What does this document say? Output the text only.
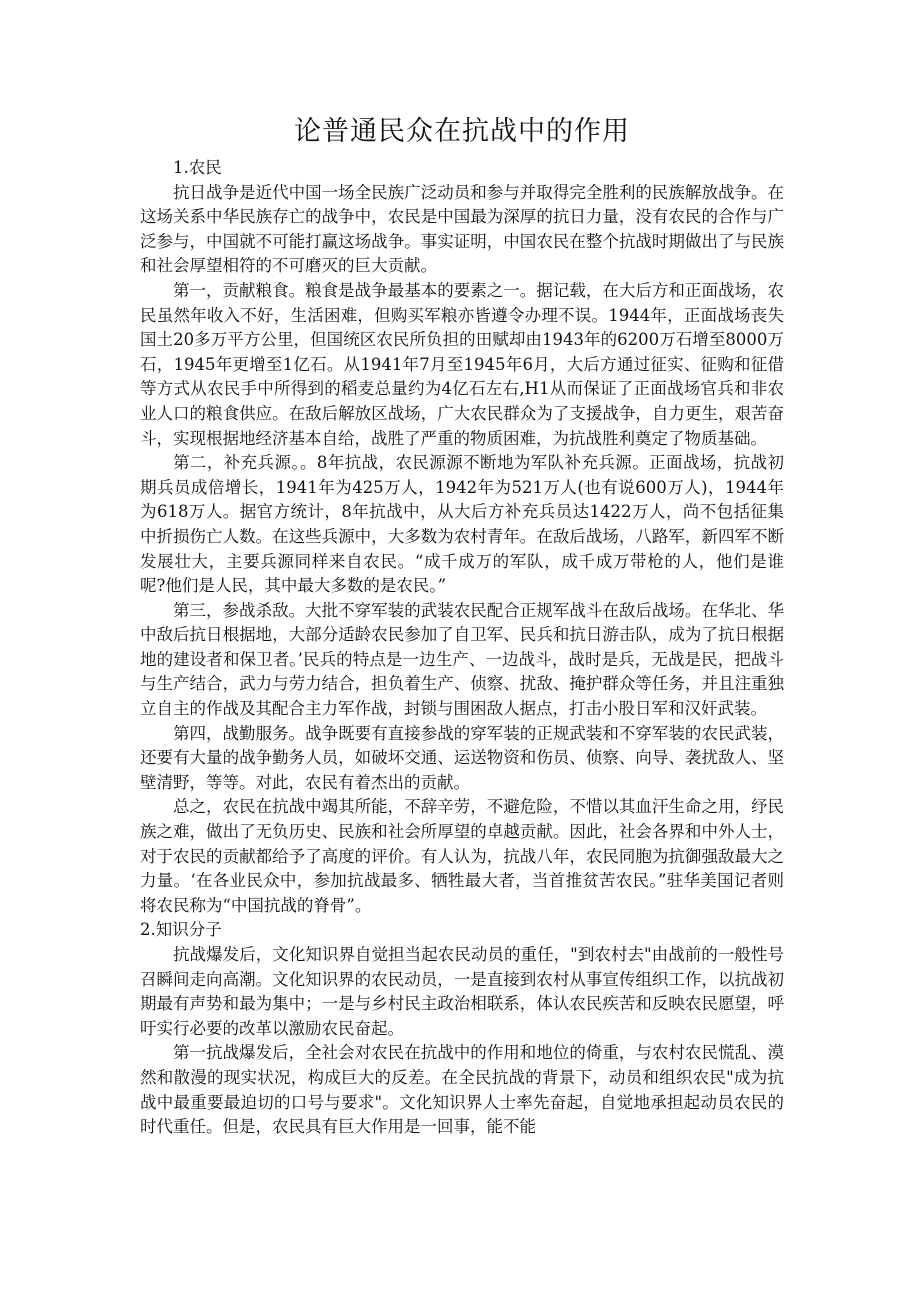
论普通民众在抗战中的作用

1.农民

抗日战争是近代中国一场全民族广泛动员和参与并取得完全胜利的民族解放战争。在这场关系中华民族存亡的战争中，农民是中国最为深厚的抗日力量，没有农民的合作与广泛参与，中国就不可能打赢这场战争。事实证明，中国农民在整个抗战时期做出了与民族和社会厚望相符的不可磨灭的巨大贡献。

第一，贡献粮食。粮食是战争最基本的要素之一。据记载，在大后方和正面战场，农民虽然年收入不好，生活困难，但购买军粮亦皆遵令办理不误。1944年，正面战场丧失国土20多万平方公里，但国统区农民所负担的田赋却由1943年的6200万石增至8000万石，1945年更增至1亿石。从1941年7月至1945年6月，大后方通过征实、征购和征借等方式从农民手中所得到的稻麦总量约为4亿石左右,H1从而保证了正面战场官兵和非农业人口的粮食供应。在敌后解放区战场，广大农民群众为了支援战争，自力更生，艰苦奋斗，实现根据地经济基本自给，战胜了严重的物质困难，为抗战胜利奠定了物质基础。

第二，补充兵源。。8年抗战，农民源源不断地为军队补充兵源。正面战场，抗战初期兵员成倍增长，1941年为425万人，1942年为521万人(也有说600万人)，1944年为618万人。据官方统计，8年抗战中，从大后方补充兵员达1422万人，尚不包括征集中折损伤亡人数。在这些兵源中，大多数为农村青年。在敌后战场，八路军，新四军不断发展壮大，主要兵源同样来自农民。“成千成万的军队，成千成万带枪的人，他们是谁呢?他们是人民，其中最大多数的是农民。”

第三，参战杀敌。大批不穿军装的武装农民配合正规军战斗在敌后战场。在华北、华中敌后抗日根据地，大部分适龄农民参加了自卫军、民兵和抗日游击队，成为了抗日根据地的建设者和保卫者。’民兵的特点是一边生产、一边战斗，战时是兵，无战是民，把战斗与生产结合，武力与劳力结合，担负着生产、侦察、扰敌、掩护群众等任务，并且注重独立自主的作战及其配合主力军作战，封锁与围困敌人据点，打击小股日军和汉奸武装。

第四，战勤服务。战争既要有直接参战的穿军装的正规武装和不穿军装的农民武装，还要有大量的战争勤务人员，如破坏交通、运送物资和伤员、侦察、向导、袭扰敌人、坚壁清野，等等。对此，农民有着杰出的贡献。

总之，农民在抗战中竭其所能，不辞辛劳，不避危险，不惜以其血汗生命之用，纾民族之难，做出了无负历史、民族和社会所厚望的卓越贡献。因此，社会各界和中外人士，对于农民的贡献都给予了高度的评价。有人认为，抗战八年，农民同胞为抗御强敌最大之力量。‘在各业民众中，参加抗战最多、牺牲最大者，当首推贫苦农民。”驻华美国记者则将农民称为“中国抗战的脊骨”。

2.知识分子

抗战爆发后，文化知识界自觉担当起农民动员的重任，"到农村去"由战前的一般性号召瞬间走向高潮。文化知识界的农民动员，一是直接到农村从事宣传组织工作，以抗战初期最有声势和最为集中；一是与乡村民主政治相联系，体认农民疾苦和反映农民愿望，呼吁实行必要的改革以激励农民奋起。

第一抗战爆发后，全社会对农民在抗战中的作用和地位的倚重，与农村农民慌乱、漠然和散漫的现实状况，构成巨大的反差。在全民抗战的背景下，动员和组织农民"成为抗战中最重要最迫切的口号与要求"。文化知识界人士率先奋起，自觉地承担起动员农民的时代重任。但是，农民具有巨大作用是一回事，能不能
